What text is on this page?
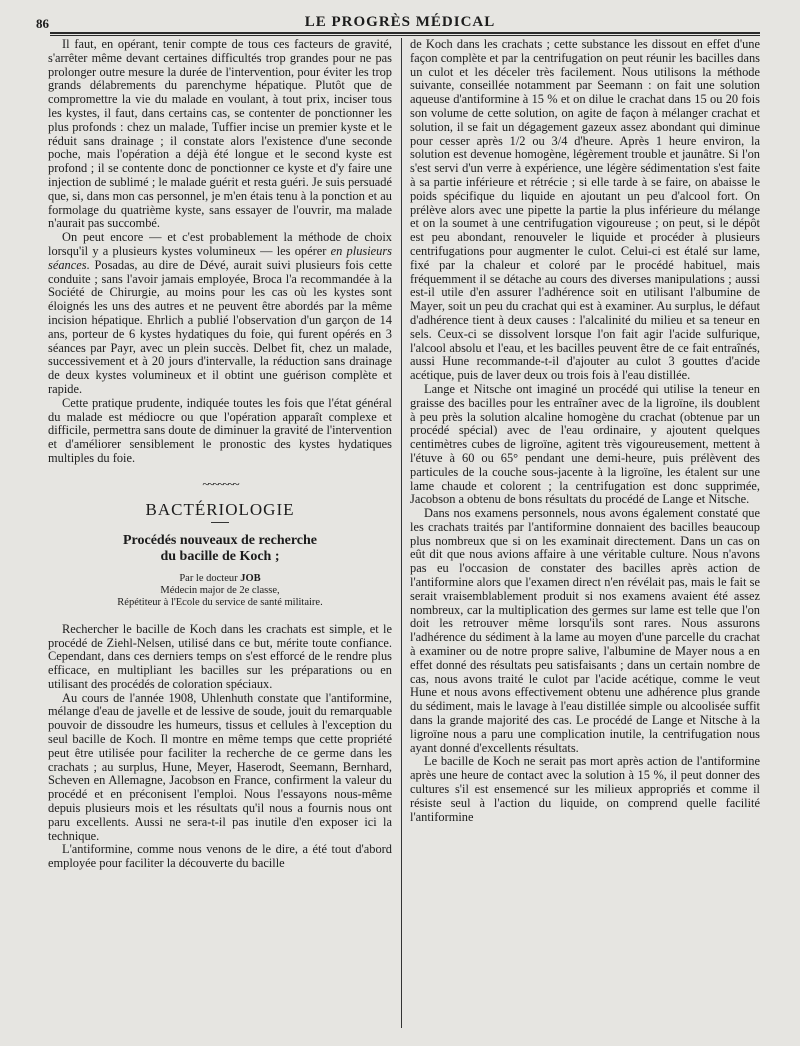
86	LE PROGRÈS MÉDICAL

Il faut, en opérant, tenir compte de tous ces facteurs de gravité, s'arrêter même devant certaines difficultés trop grandes pour ne pas prolonger outre mesure la durée de l'intervention, pour éviter les trop grands délabrements du parenchyme hépatique. Plutôt que de compromettre la vie du malade en voulant, à tout prix, inciser tous les kystes, il faut, dans certains cas, se contenter de ponctionner les plus profonds : chez un malade, Tuffier incise un premier kyste et le réduit sans drainage ; il constate alors l'existence d'une seconde poche, mais l'opération a déjà été longue et le second kyste est profond ; il se contente donc de ponctionner ce kyste et d'y faire une injection de sublimé ; le malade guérit et resta guéri. Je suis persuadé que, si, dans mon cas personnel, je m'en étais tenu à la ponction et au formolage du quatrième kyste, sans essayer de l'ouvrir, ma malade n'aurait pas succombé.

On peut encore — et c'est probablement la méthode de choix lorsqu'il y a plusieurs kystes volumineux — les opérer en plusieurs séances. Posadas, au dire de Dévé, aurait suivi plusieurs fois cette conduite ; sans l'avoir jamais employée, Broca l'a recommandée à la Société de Chirurgie, au moins pour les cas où les kystes sont éloignés les uns des autres et ne peuvent être abordés par la même incision hépatique. Ehrlich a publié l'observation d'un garçon de 14 ans, porteur de 6 kystes hydatiques du foie, qui furent opérés en 3 séances par Payr, avec un plein succès. Delbet fit, chez un malade, successivement et à 20 jours d'intervalle, la réduction sans drainage de deux kystes volumineux et il obtint une guérison complète et rapide.

Cette pratique prudente, indiquée toutes les fois que l'état général du malade est médiocre ou que l'opération apparaît complexe et difficile, permettra sans doute de diminuer la gravité de l'intervention et d'améliorer sensiblement le pronostic des kystes hydatiques multiples du foie.

~~~~~~~
BACTÉRIOLOGIE
Procédés nouveaux de recherche
du bacille de Koch ;
Par le docteur JOB
Médecin major de 2e classe,
Répétiteur à l'Ecole du service de santé militaire.

Rechercher le bacille de Koch dans les crachats est simple, et le procédé de Ziehl-Nelsen, utilisé dans ce but, mérite toute confiance. Cependant, dans ces derniers temps on s'est efforcé de le rendre plus efficace, en multipliant les bacilles sur les préparations ou en utilisant des procédés de coloration spéciaux.

Au cours de l'année 1908, Uhlenhuth constate que l'antiformine, mélange d'eau de javelle et de lessive de soude, jouit du remarquable pouvoir de dissoudre les humeurs, tissus et cellules à l'exception du seul bacille de Koch. Il montre en même temps que cette propriété peut être utilisée pour faciliter la recherche de ce germe dans les crachats ; au surplus, Hune, Meyer, Haserodt, Seemann, Bernhard, Scheven en Allemagne, Jacobson en France, confirment la valeur du procédé et en préconisent l'emploi. Nous l'essayons nous-même depuis plusieurs mois et les résultats qu'il nous a fournis nous ont paru excellents. Aussi ne sera-t-il pas inutile d'en exposer ici la technique.

L'antiformine, comme nous venons de le dire, a été tout d'abord employée pour faciliter la découverte du bacille

de Koch dans les crachats ; cette substance les dissout en effet d'une façon complète et par la centrifugation on peut réunir les bacilles dans un culot et les déceler très facilement. Nous utilisons la méthode suivante, conseillée notamment par Seemann : on fait une solution aqueuse d'antiformine à 15 % et on dilue le crachat dans 15 ou 20 fois son volume de cette solution, on agite de façon à mélanger crachat et solution, il se fait un dégagement gazeux assez abondant qui diminue pour cesser après 1/2 ou 3/4 d'heure. Après 1 heure environ, la solution est devenue homogène, légèrement trouble et jaunâtre. Si l'on s'est servi d'un verre à expérience, une légère sédimentation s'est faite à sa partie inférieure et rétrécie ; si elle tarde à se faire, on abaisse le poids spécifique du liquide en ajoutant un peu d'alcool fort. On prélève alors avec une pipette la partie la plus inférieure du mélange et on la soumet à une centrifugation vigoureuse ; on peut, si le dépôt est peu abondant, renouveler le liquide et procéder à plusieurs centrifugations pour augmenter le culot. Celui-ci est étalé sur lame, fixé par la chaleur et coloré par le procédé habituel, mais fréquemment il se détache au cours des diverses manipulations ; aussi est-il utile d'en assurer l'adhérence soit en utilisant l'albumine de Mayer, soit un peu du crachat qui est à examiner. Au surplus, le défaut d'adhérence tient à deux causes : l'alcalinité du milieu et sa teneur en sels. Ceux-ci se dissolvent lorsque l'on fait agir l'acide sulfurique, l'alcool absolu et l'eau, et les bacilles peuvent être de ce fait entraînés, aussi Hune recommande-t-il d'ajouter au culot 3 gouttes d'acide acétique, puis de laver deux ou trois fois à l'eau distillée.

Lange et Nitsche ont imaginé un procédé qui utilise la teneur en graisse des bacilles pour les entraîner avec de la ligroïne, ils doublent à peu près la solution alcaline homogène du crachat (obtenue par un procédé spécial) avec de l'eau ordinaire, y ajoutent quelques centimètres cubes de ligroïne, agitent très vigoureusement, mettent à l'étuve à 60 ou 65° pendant une demi-heure, puis prélèvent des particules de la couche sous-jacente à la ligroïne, les étalent sur une lame chaude et colorent ; la centrifugation est donc supprimée, Jacobson a obtenu de bons résultats du procédé de Lange et Nitsche.

Dans nos examens personnels, nous avons également constaté que les crachats traités par l'antiformine donnaient des bacilles beaucoup plus nombreux que si on les examinait directement. Dans un cas on eût dit que nous avions affaire à une véritable culture. Nous n'avons pas eu l'occasion de constater des bacilles après action de l'antiformine alors que l'examen direct n'en révélait pas, mais le fait se serait vraisemblablement produit si nos examens avaient été assez nombreux, car la multiplication des germes sur lame est telle que l'on doit les retrouver même lorsqu'ils sont rares. Nous assurons l'adhérence du sédiment à la lame au moyen d'une parcelle du crachat à examiner ou de notre propre salive, l'albumine de Mayer nous a en effet donné des résultats peu satisfaisants ; dans un certain nombre de cas, nous avons traité le culot par l'acide acétique, comme le veut Hune et nous avons effectivement obtenu une adhérence plus grande du sédiment, mais le lavage à l'eau distillée simple ou alcoolisée suffit dans la grande majorité des cas. Le procédé de Lange et Nitsche à la ligroïne nous a paru une complication inutile, la centrifugation nous ayant donné d'excellents résultats.

Le bacille de Koch ne serait pas mort après action de l'antiformine après une heure de contact avec la solution à 15 %, il peut donner des cultures s'il est ensemencé sur les milieux appropriés et comme il résiste seul à l'action du liquide, on comprend quelle facilité l'antiformine
